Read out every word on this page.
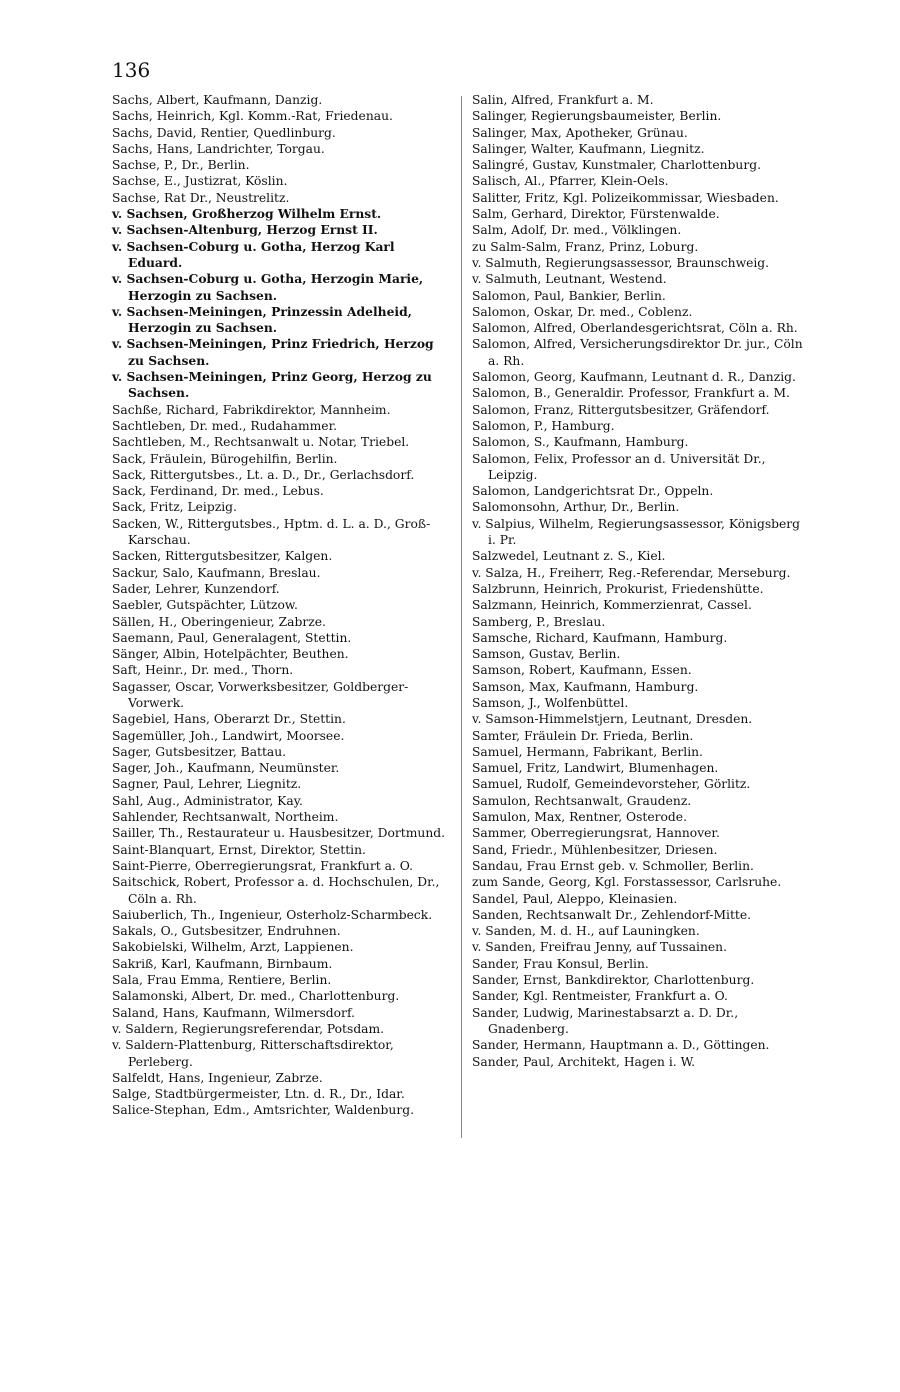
136
Sachs, Albert, Kaufmann, Danzig.
Sachs, Heinrich, Kgl. Komm.-Rat, Friedenau.
Sachs, David, Rentier, Quedlinburg.
Sachs, Hans, Landrichter, Torgau.
Sachse, P., Dr., Berlin.
Sachse, E., Justizrat, Köslin.
Sachse, Rat Dr., Neustrelitz.
v. Sachsen, Großherzog Wilhelm Ernst.
v. Sachsen-Altenburg, Herzog Ernst II.
v. Sachsen-Coburg u. Gotha, Herzog Karl Eduard.
v. Sachsen-Coburg u. Gotha, Herzogin Marie, Herzogin zu Sachsen.
v. Sachsen-Meiningen, Prinzessin Adelheid, Herzogin zu Sachsen.
v. Sachsen-Meiningen, Prinz Friedrich, Herzog zu Sachsen.
v. Sachsen-Meiningen, Prinz Georg, Herzog zu Sachsen.
Sachße, Richard, Fabrikdirektor, Mannheim.
Sachtleben, Dr. med., Rudahammer.
Sachtleben, M., Rechtsanwalt u. Notar, Triebel.
Sack, Fräulein, Bürogehilfin, Berlin.
Sack, Rittergutsbes., Lt. a. D., Dr., Gerlachsdorf.
Sack, Ferdinand, Dr. med., Lebus.
Sack, Fritz, Leipzig.
Sacken, W., Rittergutsbes., Hptm. d. L. a. D., Groß-Karschau.
Sacken, Rittergutsbesitzer, Kalgen.
Sackur, Salo, Kaufmann, Breslau.
Sader, Lehrer, Kunzendorf.
Saebler, Gutspächter, Lützow.
Sällen, H., Oberingenieur, Zabrze.
Saemann, Paul, Generalagent, Stettin.
Sänger, Albin, Hotelpächter, Beuthen.
Saft, Heinr., Dr. med., Thorn.
Sagasser, Oscar, Vorwerksbesitzer, Goldberger-Vorwerk.
Sagebiel, Hans, Oberarzt Dr., Stettin.
Sagemüller, Joh., Landwirt, Moorsee.
Sager, Gutsbesitzer, Battau.
Sager, Joh., Kaufmann, Neumünster.
Sagner, Paul, Lehrer, Liegnitz.
Sahl, Aug., Administrator, Kay.
Sahlender, Rechtsanwalt, Northeim.
Sailler, Th., Restaurateur u. Hausbesitzer, Dortmund.
Saint-Blanquart, Ernst, Direktor, Stettin.
Saint-Pierre, Oberregierungsrat, Frankfurt a. O.
Saitschick, Robert, Professor a. d. Hochschulen, Dr., Cöln a. Rh.
Saiuberlich, Th., Ingenieur, Osterholz-Scharmbeck.
Sakals, O., Gutsbesitzer, Endruhnen.
Sakobielski, Wilhelm, Arzt, Lappienen.
Sakriß, Karl, Kaufmann, Birnbaum.
Sala, Frau Emma, Rentiere, Berlin.
Salamonski, Albert, Dr. med., Charlottenburg.
Saland, Hans, Kaufmann, Wilmersdorf.
v. Saldern, Regierungsreferendar, Potsdam.
v. Saldern-Plattenburg, Ritterschaftsdirektor, Perleberg.
Salfeldt, Hans, Ingenieur, Zabrze.
Salge, Stadtbürgermeister, Ltn. d. R., Dr., Idar.
Salice-Stephan, Edm., Amtsrichter, Waldenburg.
Salin, Alfred, Frankfurt a. M.
Salinger, Regierungsbaumeister, Berlin.
Salinger, Max, Apotheker, Grünau.
Salinger, Walter, Kaufmann, Liegnitz.
Salingré, Gustav, Kunstmaler, Charlottenburg.
Salisch, Al., Pfarrer, Klein-Oels.
Salitter, Fritz, Kgl. Polizeikommissar, Wiesbaden.
Salm, Gerhard, Direktor, Fürstenwalde.
Salm, Adolf, Dr. med., Völklingen.
zu Salm-Salm, Franz, Prinz, Loburg.
v. Salmuth, Regierungsassessor, Braunschweig.
v. Salmuth, Leutnant, Westend.
Salomon, Paul, Bankier, Berlin.
Salomon, Oskar, Dr. med., Coblenz.
Salomon, Alfred, Oberlandesgerichtsrat, Cöln a. Rh.
Salomon, Alfred, Versicherungsdirektor Dr. jur., Cöln a. Rh.
Salomon, Georg, Kaufmann, Leutnant d. R., Danzig.
Salomon, B., Generaldir. Professor, Frankfurt a. M.
Salomon, Franz, Rittergutsbesitzer, Gräfendorf.
Salomon, P., Hamburg.
Salomon, S., Kaufmann, Hamburg.
Salomon, Felix, Professor an d. Universität Dr., Leipzig.
Salomon, Landgerichtsrat Dr., Oppeln.
Salomonsohn, Arthur, Dr., Berlin.
v. Salpius, Wilhelm, Regierungsassessor, Königsberg i. Pr.
Salzwedel, Leutnant z. S., Kiel.
v. Salza, H., Freiherr, Reg.-Referendar, Merseburg.
Salzbrunn, Heinrich, Prokurist, Friedenshütte.
Salzmann, Heinrich, Kommerzienrat, Cassel.
Samberg, P., Breslau.
Samsche, Richard, Kaufmann, Hamburg.
Samson, Gustav, Berlin.
Samson, Robert, Kaufmann, Essen.
Samson, Max, Kaufmann, Hamburg.
Samson, J., Wolfenbüttel.
v. Samson-Himmelstjern, Leutnant, Dresden.
Samter, Fräulein Dr. Frieda, Berlin.
Samuel, Hermann, Fabrikant, Berlin.
Samuel, Fritz, Landwirt, Blumenhagen.
Samuel, Rudolf, Gemeindevorsteher, Görlitz.
Samulon, Rechtsanwalt, Graudenz.
Samulon, Max, Rentner, Osterode.
Sammer, Oberregierungsrat, Hannover.
Sand, Friedr., Mühlenbesitzer, Driesen.
Sandau, Frau Ernst geb. v. Schmoller, Berlin.
zum Sande, Georg, Kgl. Forstassessor, Carlsruhe.
Sandel, Paul, Aleppo, Kleinasien.
Sanden, Rechtsanwalt Dr., Zehlendorf-Mitte.
v. Sanden, M. d. H., auf Launingken.
v. Sanden, Freifrau Jenny, auf Tussainen.
Sander, Frau Konsul, Berlin.
Sander, Ernst, Bankdirektor, Charlottenburg.
Sander, Kgl. Rentmeister, Frankfurt a. O.
Sander, Ludwig, Marinestabsarzt a. D. Dr., Gnadenberg.
Sander, Hermann, Hauptmann a. D., Göttingen.
Sander, Paul, Architekt, Hagen i. W.
